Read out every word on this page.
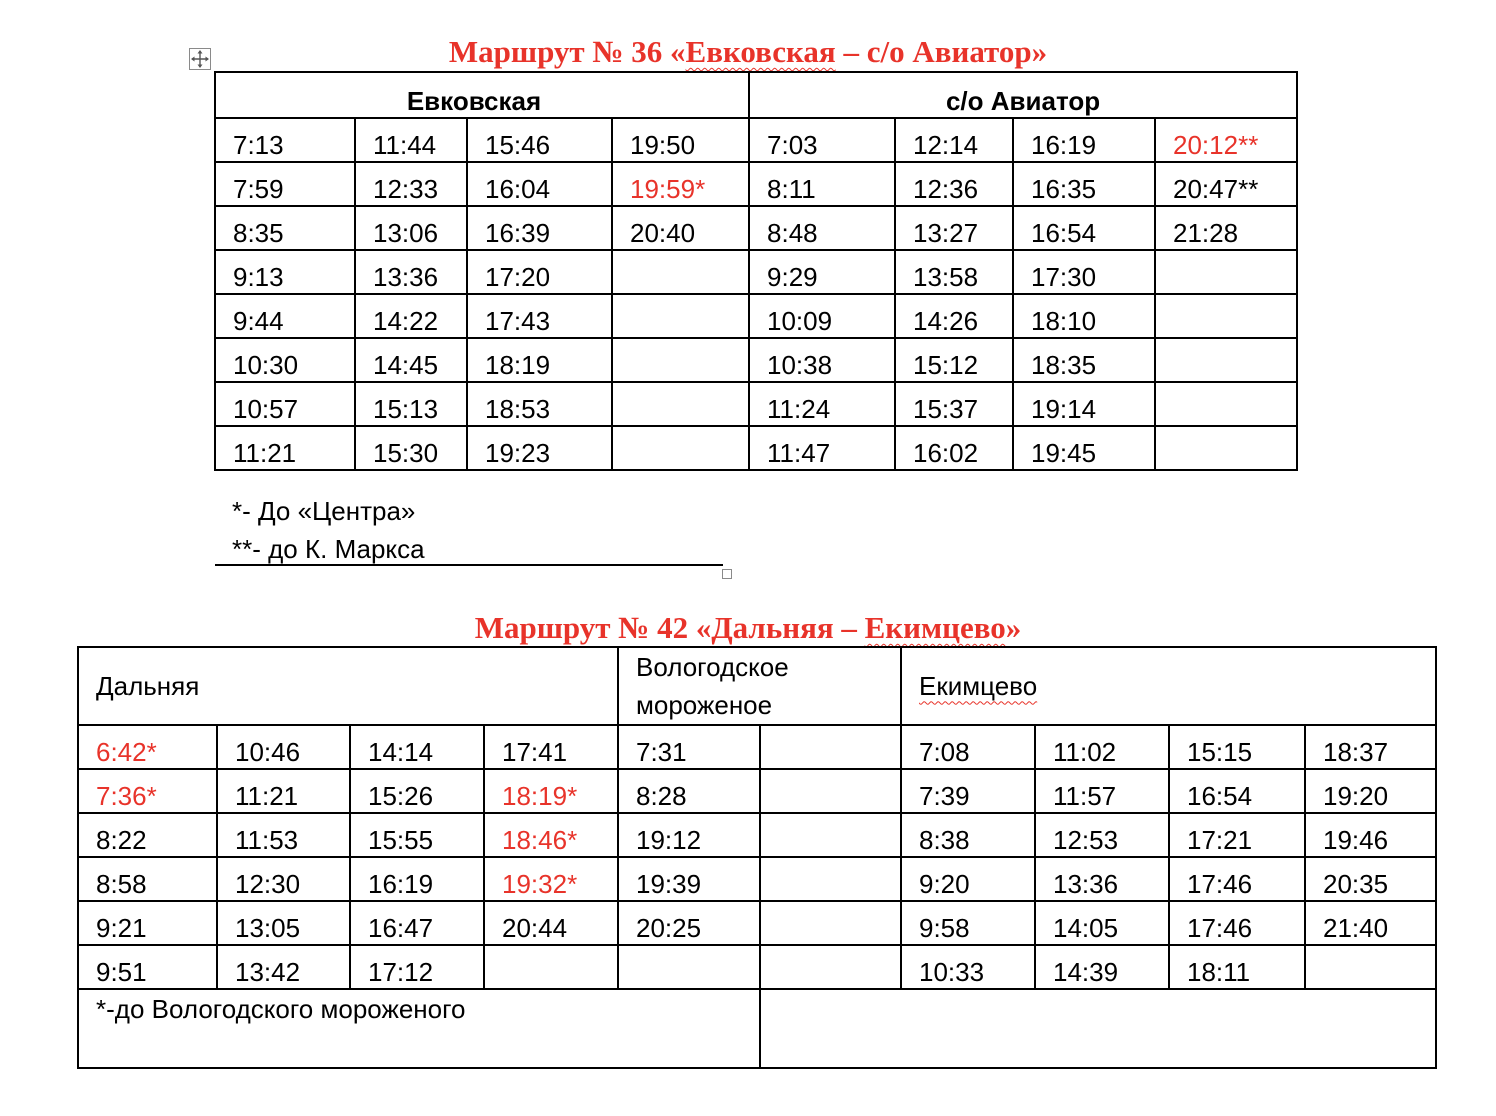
Маршрут № 36 «Евковская – с/о Авиатор»
Евковская				с/о Авиатор			
7:13	11:44	15:46	19:50	7:03	12:14	16:19	20:12**
7:59	12:33	16:04	19:59*	8:11	12:36	16:35	20:47**
8:35	13:06	16:39	20:40	8:48	13:27	16:54	21:28
9:13	13:36	17:20		9:29	13:58	17:30	
9:44	14:22	17:43		10:09	14:26	18:10	
10:30	14:45	18:19		10:38	15:12	18:35	
10:57	15:13	18:53		11:24	15:37	19:14	
11:21	15:30	19:23		11:47	16:02	19:45	
*- До «Центра»
**- до К. Маркса
Маршрут № 42 «Дальняя – Екимцево»
Дальняя				Вологодское мороженое		Екимцево			
6:42*	10:46	14:14	17:41	7:31		7:08	11:02	15:15	18:37
7:36*	11:21	15:26	18:19*	8:28		7:39	11:57	16:54	19:20
8:22	11:53	15:55	18:46*	19:12		8:38	12:53	17:21	19:46
8:58	12:30	16:19	19:32*	19:39		9:20	13:36	17:46	20:35
9:21	13:05	16:47	20:44	20:25		9:58	14:05	17:46	21:40
9:51	13:42	17:12				10:33	14:39	18:11	
*-до Вологодского мороженого									
